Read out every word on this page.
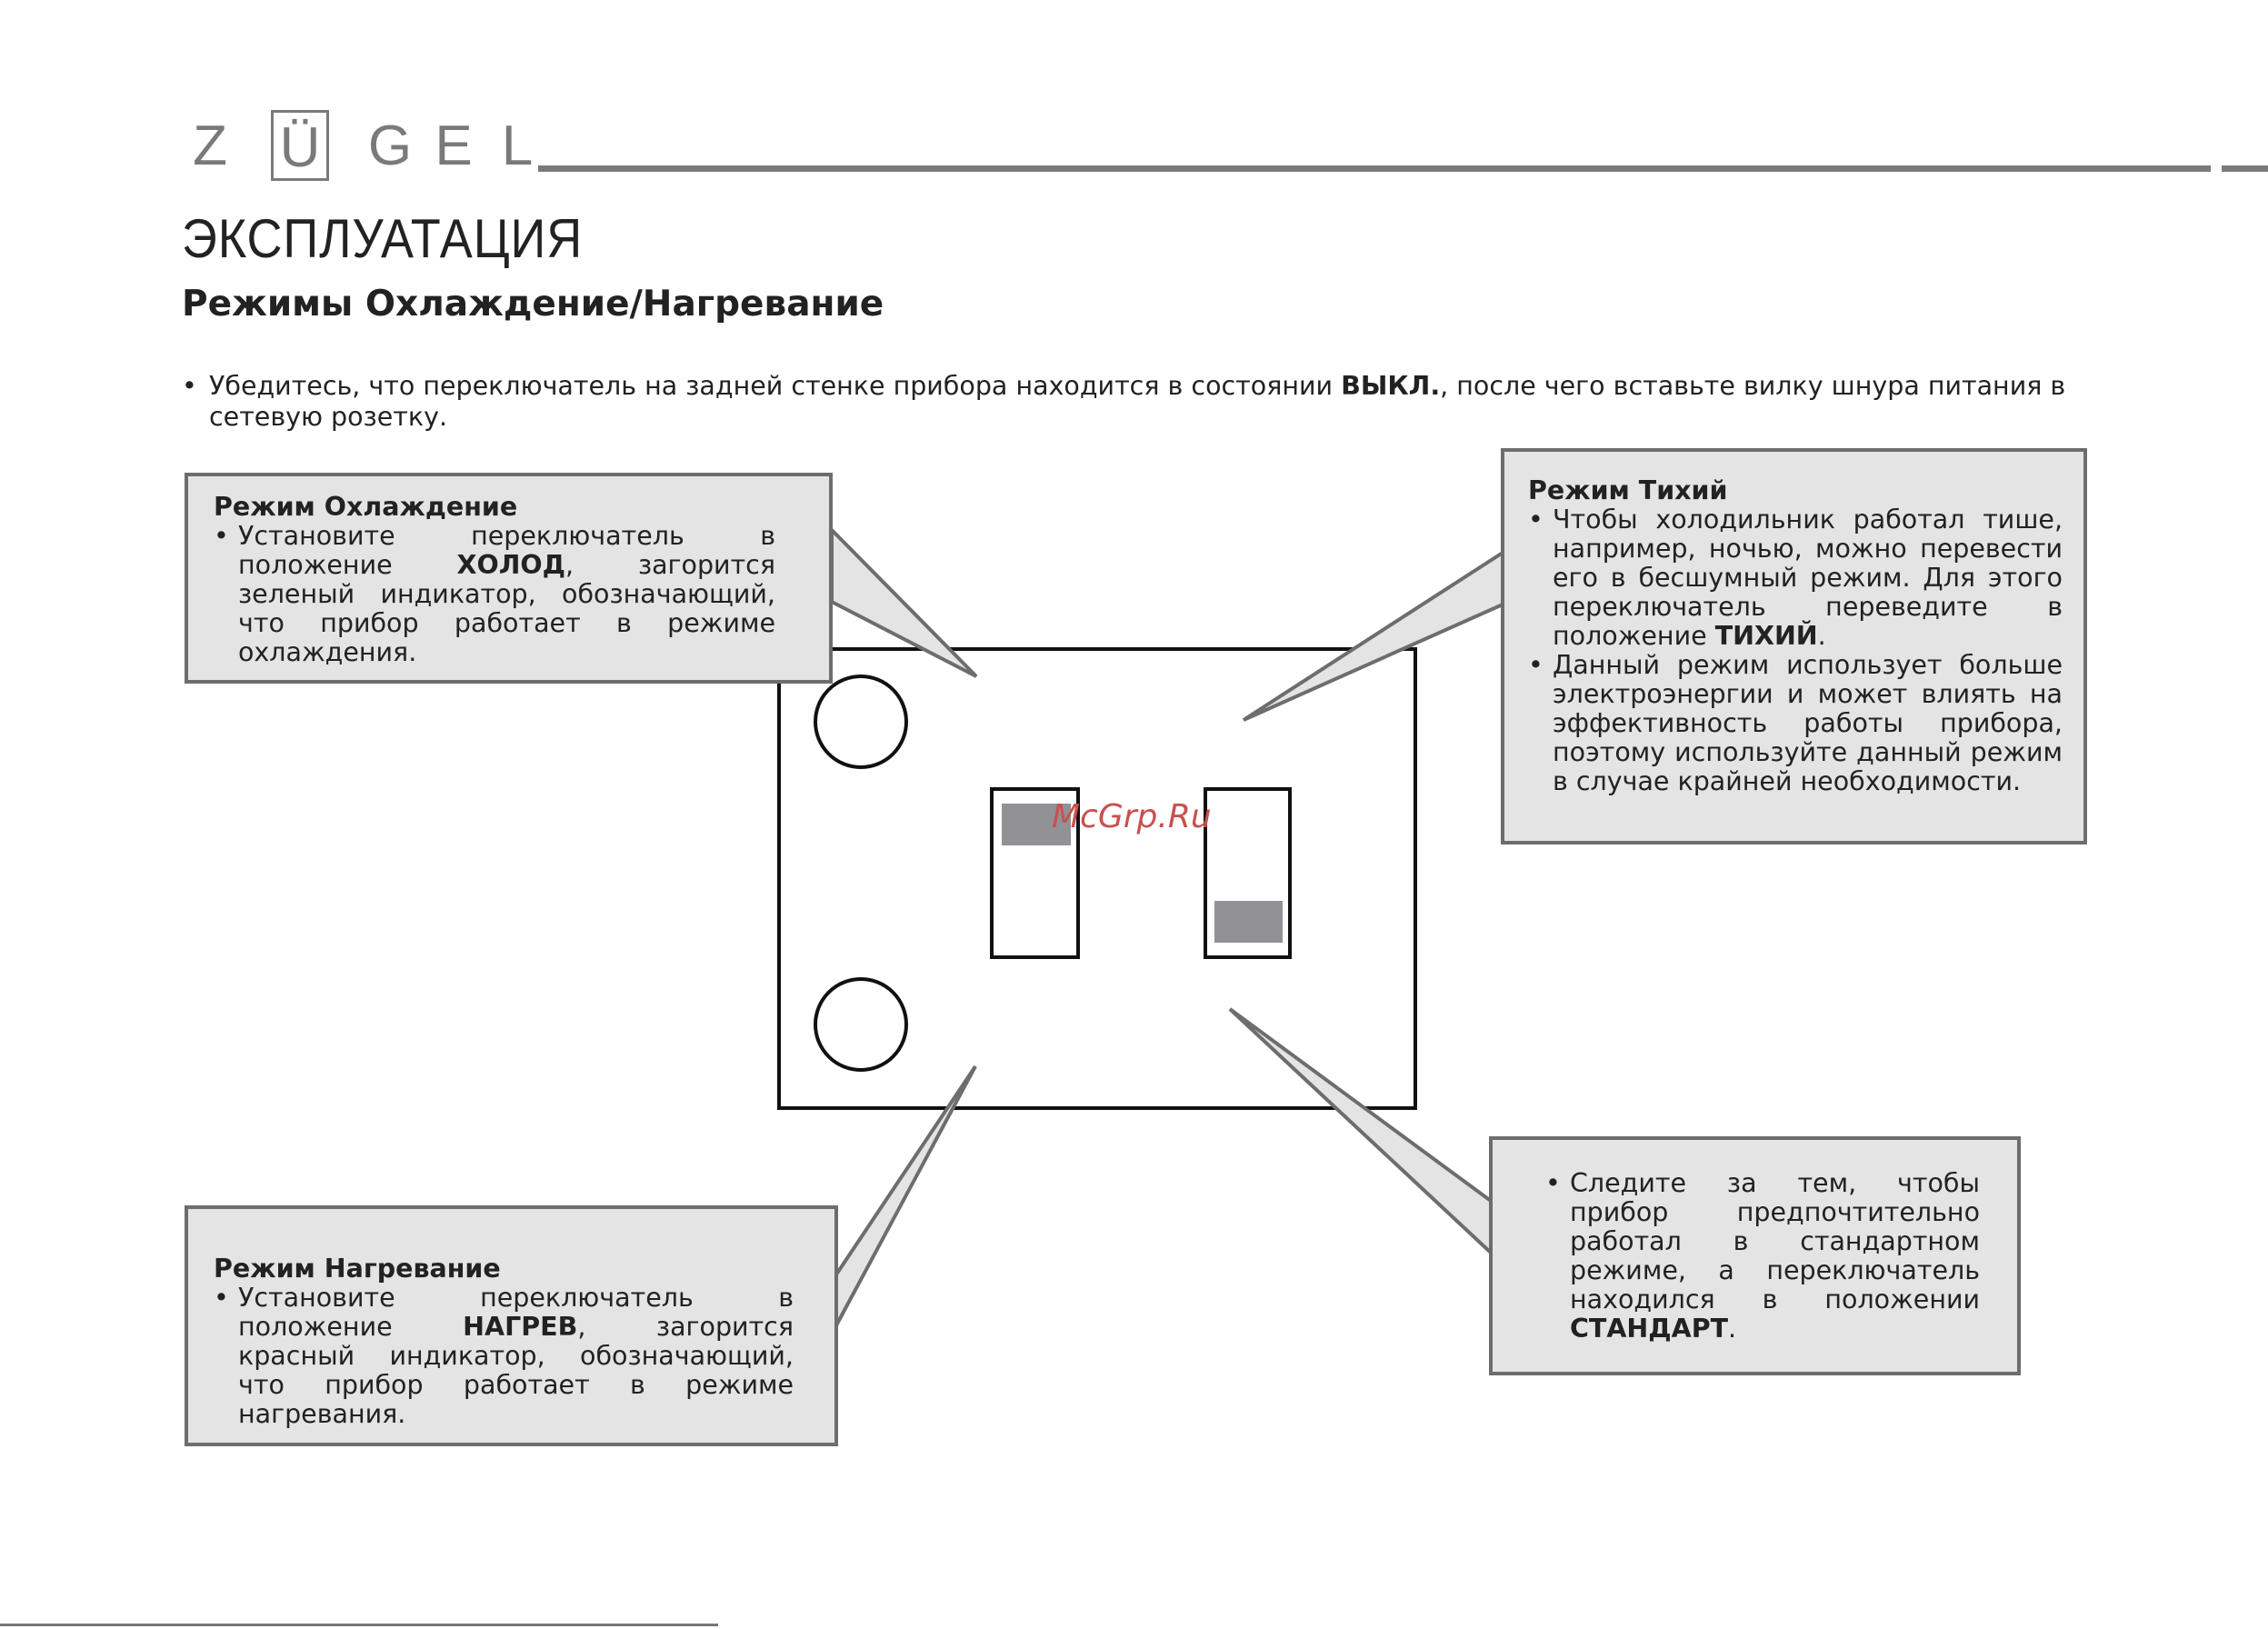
Z Ü G E L
ЭКСПЛУАТАЦИЯ
Режимы Охлаждение/Нагревание
• Убедитесь, что переключатель на задней стенке прибора находится в состоянии ВЫКЛ., после чего вставьте вилку шнура питания в сетевую розетку.
Режим Охлаждение
• Установите переключатель в положение ХОЛОД, загорится зеленый индикатор, обозначающий, что прибор работает в режиме охлаждения.
Режим Тихий
• Чтобы холодильник работал тише, например, ночью, можно перевести его в бесшумный режим. Для этого переключатель переведите в положение ТИХИЙ.
• Данный режим использует больше электроэнергии и может влиять на эффективность работы прибора, поэтому используйте данный режим в случае крайней необходимости.
Режим Нагревание
• Установите переключатель в положение НАГРЕВ, загорится красный индикатор, обозначающий, что прибор работает в режиме нагревания.
• Следите за тем, чтобы прибор предпочтительно работал в стандартном режиме, а переключатель находился в положении СТАНДАРТ.
McGrp.Ru
